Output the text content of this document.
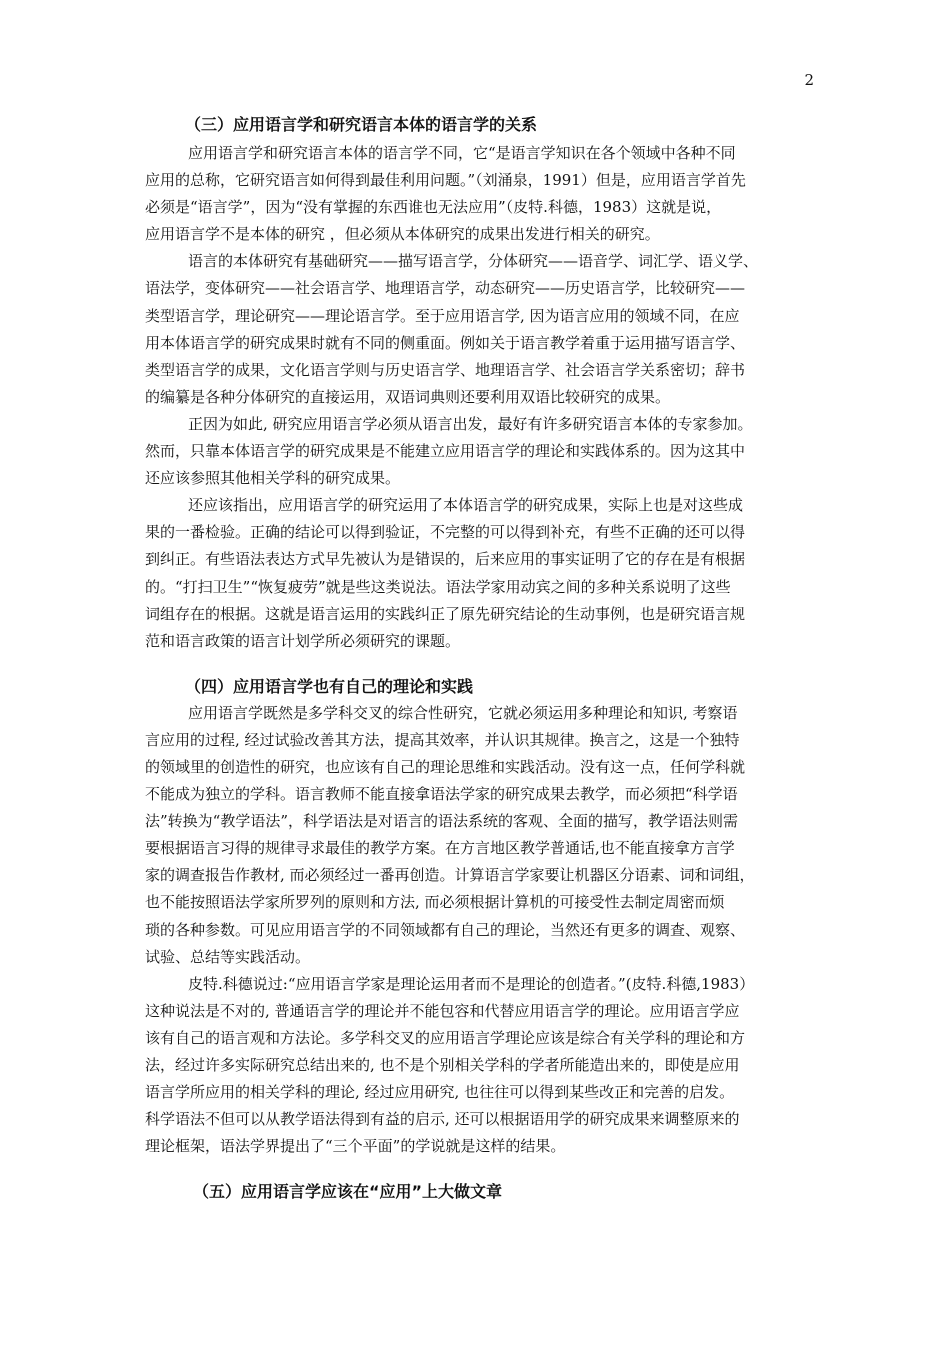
2
（三）应用语言学和研究语言本体的语言学的关系
应用语言学和研究语言本体的语言学不同，它“是语言学知识在各个领域中各种不同
应用的总称，它研究语言如何得到最佳利用问题。”（刘涌泉，1991）但是，应用语言学首先
必须是“语言学”，因为“没有掌握的东西谁也无法应用”（皮特.科德，1983）这就是说，
应用语言学不是本体的研究 ，但必须从本体研究的成果出发进行相关的研究。
语言的本体研究有基础研究——描写语言学，分体研究——语音学、词汇学、语义学、
语法学，变体研究——社会语言学、地理语言学，动态研究——历史语言学，比较研究——
类型语言学，理论研究——理论语言学。至于应用语言学, 因为语言应用的领域不同，在应
用本体语言学的研究成果时就有不同的侧重面。例如关于语言教学着重于运用描写语言学、
类型语言学的成果，文化语言学则与历史语言学、地理语言学、社会语言学关系密切；辞书
的编纂是各种分体研究的直接运用，双语词典则还要利用双语比较研究的成果。
正因为如此, 研究应用语言学必须从语言出发，最好有许多研究语言本体的专家参加。
然而，只靠本体语言学的研究成果是不能建立应用语言学的理论和实践体系的。因为这其中
还应该参照其他相关学科的研究成果。
还应该指出，应用语言学的研究运用了本体语言学的研究成果，实际上也是对这些成
果的一番检验。正确的结论可以得到验证，不完整的可以得到补充，有些不正确的还可以得
到纠正。有些语法表达方式早先被认为是错误的，后来应用的事实证明了它的存在是有根据
的。“打扫卫生”“恢复疲劳”就是些这类说法。语法学家用动宾之间的多种关系说明了这些
词组存在的根据。这就是语言运用的实践纠正了原先研究结论的生动事例，也是研究语言规
范和语言政策的语言计划学所必须研究的课题。
（四）应用语言学也有自己的理论和实践
应用语言学既然是多学科交叉的综合性研究，它就必须运用多种理论和知识, 考察语
言应用的过程, 经过试验改善其方法，提高其效率，并认识其规律。换言之，这是一个独特
的领域里的创造性的研究，也应该有自己的理论思维和实践活动。没有这一点，任何学科就
不能成为独立的学科。语言教师不能直接拿语法学家的研究成果去教学，而必须把“科学语
法”转换为“教学语法”，科学语法是对语言的语法系统的客观、全面的描写，教学语法则需
要根据语言习得的规律寻求最佳的教学方案。在方言地区教学普通话,也不能直接拿方言学
家的调查报告作教材, 而必须经过一番再创造。计算语言学家要让机器区分语素、词和词组，
也不能按照语法学家所罗列的原则和方法, 而必须根据计算机的可接受性去制定周密而烦
琐的各种参数。可见应用语言学的不同领域都有自己的理论，当然还有更多的调查、观察、
试验、总结等实践活动。
皮特.科德说过:“应用语言学家是理论运用者而不是理论的创造者。”(皮特.科德,1983）
这种说法是不对的, 普通语言学的理论并不能包容和代替应用语言学的理论。应用语言学应
该有自己的语言观和方法论。多学科交叉的应用语言学理论应该是综合有关学科的理论和方
法，经过许多实际研究总结出来的, 也不是个别相关学科的学者所能造出来的，即使是应用
语言学所应用的相关学科的理论, 经过应用研究, 也往往可以得到某些改正和完善的启发。
科学语法不但可以从教学语法得到有益的启示, 还可以根据语用学的研究成果来调整原来的
理论框架，语法学界提出了“三个平面”的学说就是这样的结果。
（五）应用语言学应该在“应用”上大做文章
